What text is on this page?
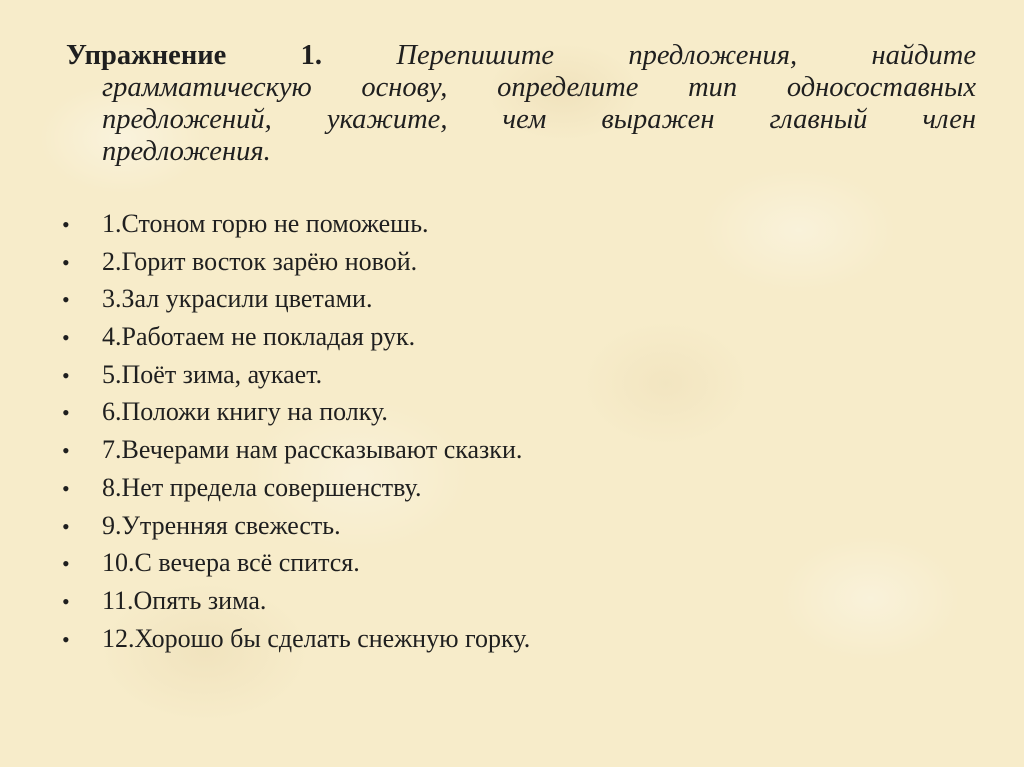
Упражнение 1.	Перепишите предложения, найдите
грамматическую основу, определите тип односоставных
предложений, укажите, чем выражен главный член
предложения.
•	1.Стоном горю не поможешь.
•	2.Горит восток зарёю новой.
•	3.Зал украсили цветами.
•	4.Работаем не покладая рук.
•	5.Поёт зима, аукает.
•	6.Положи книгу на полку.
•	7.Вечерами нам рассказывают сказки.
•	8.Нет предела совершенству.
•	9.Утренняя свежесть.
•	10.С вечера всё спится.
•	11.Опять зима.
•	12.Хорошо бы сделать снежную горку.
